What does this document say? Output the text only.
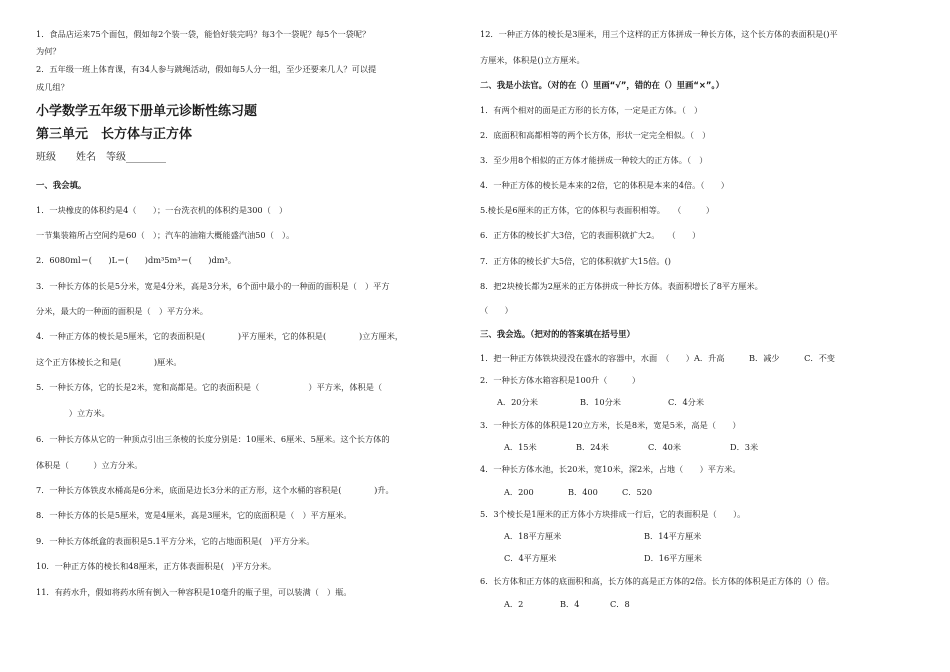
1．食品店运来75个面包，假如每2个装一袋，能恰好装完吗？每3个一袋呢？每5个一袋呢？
为何？
2．五年级一班上体育课，有34人参与跳绳活动，假如每5人分一组，至少还要来几人？可以提
成几组？
小学数学五年级下册单元诊断性练习题
第三单元　长方体与正方体
班级　　姓名　等级________
一、我会填。
1．一块橡皮的体积约是4（　　）；一台洗衣机的体积约是300（　）
一节集装箱所占空间约是60（　）；汽车的油箱大概能盛汽油50（　）。
2．6080ml＝(　　)L＝(　　)dm³5m³＝(　　)dm³。
3．一种长方体的长是5分米，宽是4分米，高是3分米，6个面中最小的一种面的面积是（　）平方
分米，最大的一种面的面积是（　）平方分米。
4．一种正方体的棱长是5厘米，它的表面积是(　　　　)平方厘米，它的体积是(　　　　)立方厘米，
这个正方体棱长之和是(　　　　)厘米。
5．一种长方体，它的长是2米，宽和高都是。它的表面积是（　　　　　　）平方米，体积是（
　　　　）立方米。
6．一种长方体从它的一种顶点引出三条棱的长度分别是：10厘米、6厘米、5厘米。这个长方体的
体积是（　　　）立方分米。
7．一种长方体铁皮水桶高是6分米，底面是边长3分米的正方形，这个水桶的容积是(　　　　)升。
8．一种长方体的长是5厘米，宽是4厘米，高是3厘米，它的底面积是（　）平方厘米。
9．一种长方体纸盒的表面积是5.1平方分米，它的占地面积是(　)平方分米。
10．一种正方体的棱长和48厘米，正方体表面积是(　)平方分米。
11．有药水升，假如将药水所有倒入一种容积是10毫升的瓶子里，可以装满（　）瓶。
12．一种正方体的棱长是3厘米，用三个这样的正方体拼成一种长方体，这个长方体的表面积是()平
方厘米，体积是()立方厘米。
二、我是小法官。（对的在（）里画“√”，错的在（）里画“×”。）
1．有两个相对的面是正方形的长方体，一定是正方体。（　）
2．底面积和高都相等的两个长方体，形状一定完全相似。（　）
3．至少用8个相似的正方体才能拼成一种较大的正方体。（　）
4．一种正方体的棱长是本来的2倍，它的体积是本来的4倍。（　　）
5.棱长是6厘米的正方体，它的体积与表面积相等。　　（　　　）
6．正方体的棱长扩大3倍，它的表面积就扩大2。　　（　　）
7．正方体的棱长扩大5倍，它的体积就扩大15倍。()
8．把2块棱长都为2厘米的正方体拼成一种长方体。表面积增长了8平方厘米。
（　　）
三、我会选。（把对的的答案填在括号里）
1．把一种正方体铁块浸没在盛水的容器中，水面　（　　）A．升高　　　B．减少　　　C．不变
2．一种长方体水箱容积是100升（　　　）
A．20分米	B．10分米	C．4分米
3．一种长方体的体积是120立方米，长是8米，宽是5米，高是（　　）
A．15米	B．24米	C．40米	D．3米
4．一种长方体水池，长20米，宽10米，深2米，占地（　　）平方米。
A．200	B．400	C．520
5．3个棱长是1厘米的正方体小方块排成一行后，它的表面积是（　　）。
A．18平方厘米	B．14平方厘米
C．4平方厘米	D．16平方厘米
6．长方体和正方体的底面积和高，长方体的高是正方体的2倍。长方体的体积是正方体的（）倍。
A．2	B．4	C．8
